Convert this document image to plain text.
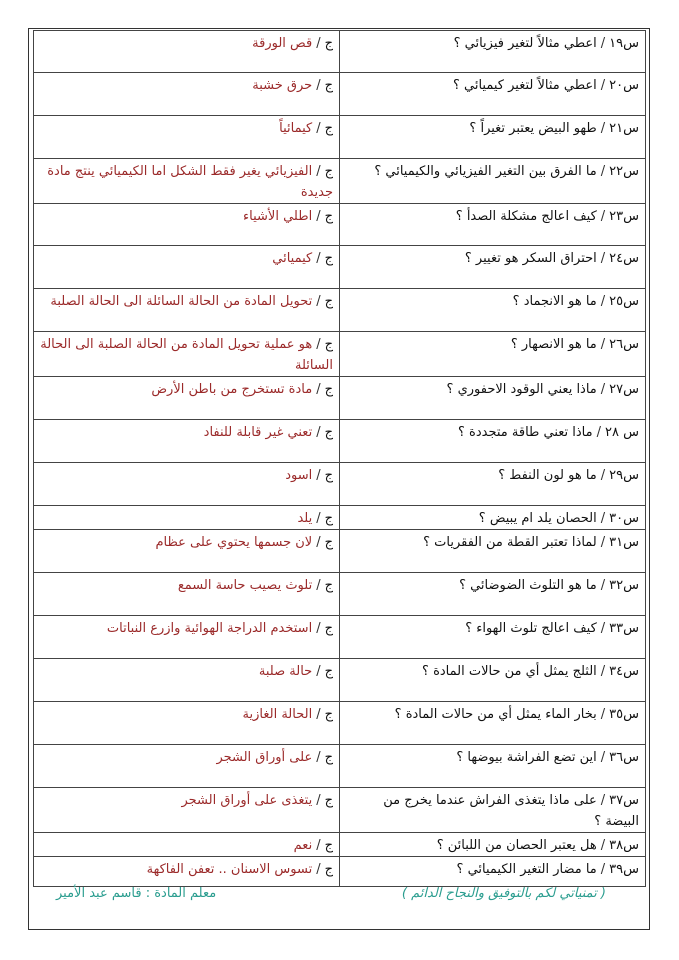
س١٩/اعطي مثالاً لتغير فيزيائي ؟	ج/قص الورقة
س٢٠/اعطي مثالاً لتغير كيميائي ؟	ج/حرق خشبة
س٢١/طهو البيض يعتبر تغيراً ؟	ج/كيمائياً
س٢٢/ما الفرق بين التغير الفيزيائي والكيميائي ؟	ج/الفيزيائي يغير فقط الشكل اما الكيميائي ينتج مادة جديدة
س٢٣/كيف اعالج مشكلة الصدأ ؟	ج/اطلي الأشياء
س٢٤/احتراق السكر هو تغيير ؟	ج/كيميائي
س٢٥/ما هو الانجماد ؟	ج/تحويل المادة من الحالة السائلة الى الحالة الصلبة
س٢٦/ما هو الانصهار ؟	ج/هو عملية تحويل المادة من الحالة الصلبة الى الحالة السائلة
س٢٧/ماذا يعني الوقود الاحفوري ؟	ج/مادة تستخرج من باطن الأرض
س ٢٨/ماذا تعني طاقة متجددة ؟	ج/تعني غير قابلة للنفاد
س٢٩/ما هو لون النفط ؟	ج/اسود
س٣٠/الحصان يلد ام يبيض ؟	ج/يلد
س٣١/لماذا تعتبر القطة من الفقريات ؟	ج/لان جسمها يحتوي على عظام
س٣٢/ما هو التلوث الضوضائي ؟	ج/تلوث يصيب حاسة السمع
س٣٣/كيف اعالج تلوث الهواء ؟	ج/استخدم الدراجة الهوائية وازرع النباتات
س٣٤/الثلج يمثل أي من حالات المادة ؟	ج/حالة صلبة
س٣٥/بخار الماء يمثل أي من حالات المادة ؟	ج/الحالة الغازية
س٣٦/اين تضع الفراشة بيوضها ؟	ج/على أوراق الشجر
س٣٧/على ماذا يتغذى الفراش عندما يخرج من البيضة ؟	ج/يتغذى على أوراق الشجر
س٣٨/هل يعتبر الحصان من اللبائن ؟	ج/نعم
س٣٩/ما مضار التغير الكيميائي ؟	ج/تسوس الاسنان .. تعفن الفاكهة
( تمنياتي لكم بالتوفيق والنجاح الدائم )
معلم المادة : قاسم عبد الأمير
